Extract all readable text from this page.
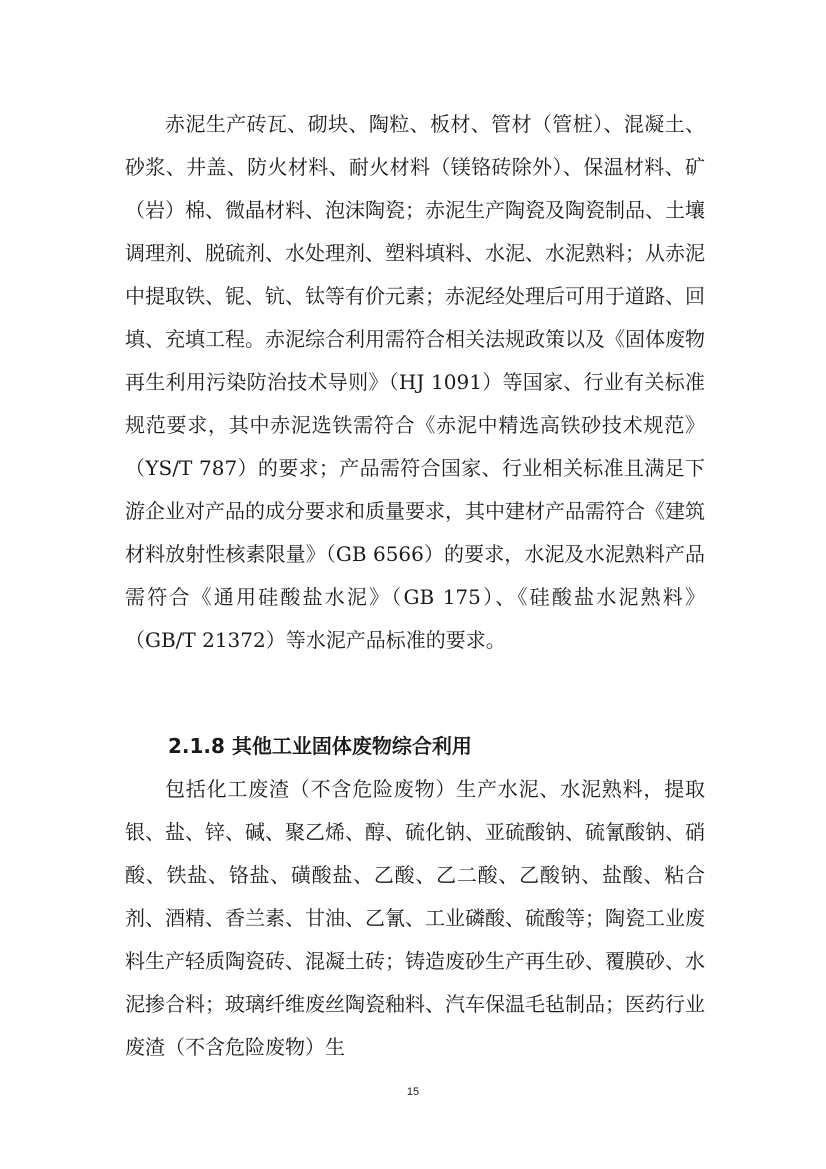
赤泥生产砖瓦、砌块、陶粒、板材、管材（管桩）、混凝土、砂浆、井盖、防火材料、耐火材料（镁铬砖除外）、保温材料、矿（岩）棉、微晶材料、泡沫陶瓷；赤泥生产陶瓷及陶瓷制品、土壤调理剂、脱硫剂、水处理剂、塑料填料、水泥、水泥熟料；从赤泥中提取铁、铌、钪、钛等有价元素；赤泥经处理后可用于道路、回填、充填工程。赤泥综合利用需符合相关法规政策以及《固体废物再生利用污染防治技术导则》（HJ 1091）等国家、行业有关标准规范要求，其中赤泥选铁需符合《赤泥中精选高铁砂技术规范》（YS/T 787）的要求；产品需符合国家、行业相关标准且满足下游企业对产品的成分要求和质量要求，其中建材产品需符合《建筑材料放射性核素限量》（GB 6566）的要求，水泥及水泥熟料产品需符合《通用硅酸盐水泥》（GB 175）、《硅酸盐水泥熟料》（GB/T 21372）等水泥产品标准的要求。

2.1.8 其他工业固体废物综合利用

包括化工废渣（不含危险废物）生产水泥、水泥熟料，提取银、盐、锌、碱、聚乙烯、醇、硫化钠、亚硫酸钠、硫氰酸钠、硝酸、铁盐、铬盐、磺酸盐、乙酸、乙二酸、乙酸钠、盐酸、粘合剂、酒精、香兰素、甘油、乙氰、工业磷酸、硫酸等；陶瓷工业废料生产轻质陶瓷砖、混凝土砖；铸造废砂生产再生砂、覆膜砂、水泥掺合料；玻璃纤维废丝陶瓷釉料、汽车保温毛毡制品；医药行业废渣（不含危险废物）生

15
